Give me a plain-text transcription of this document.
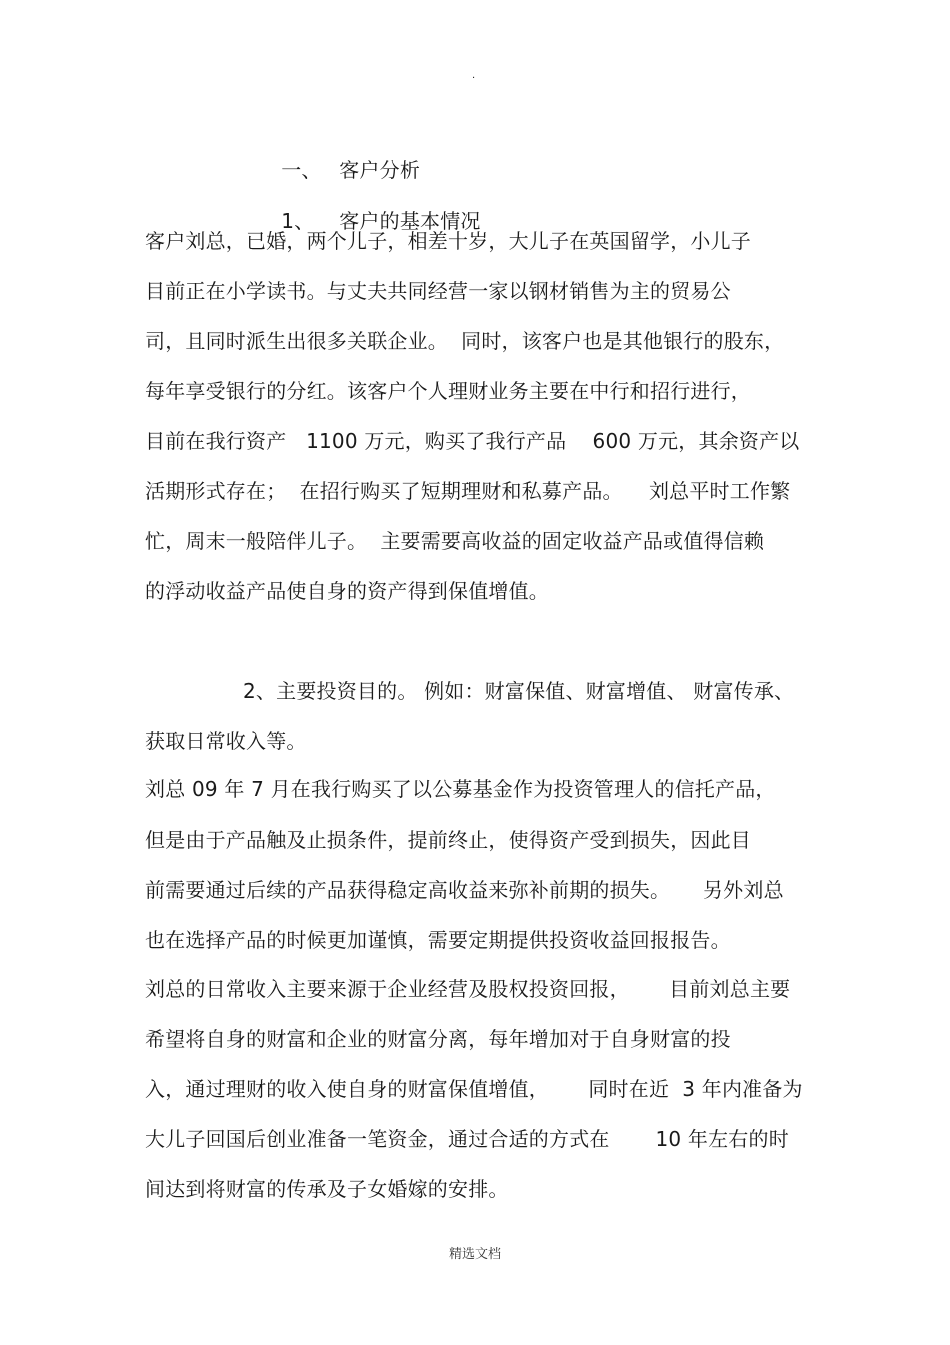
.

一、 客户分析

1、 客户的基本情况

客户刘总，已婚，两个儿子，相差十岁，大儿子在英国留学，小儿子
目前正在小学读书。与丈夫共同经营一家以钢材销售为主的贸易公
司，且同时派生出很多关联企业。  同时，该客户也是其他银行的股东，
每年享受银行的分红。该客户个人理财业务主要在中行和招行进行，
目前在我行资产   1100 万元，购买了我行产品    600 万元，其余资产以
活期形式存在；  在招行购买了短期理财和私募产品。    刘总平时工作繁
忙，周末一般陪伴儿子。  主要需要高收益的固定收益产品或值得信赖
的浮动收益产品使自身的资产得到保值增值。
2、主要投资目的。 例如：财富保值、财富增值、 财富传承、
获取日常收入等。
刘总 09 年 7 月在我行购买了以公募基金作为投资管理人的信托产品，
但是由于产品触及止损条件，提前终止，使得资产受到损失，因此目
前需要通过后续的产品获得稳定高收益来弥补前期的损失。     另外刘总
也在选择产品的时候更加谨慎，需要定期提供投资收益回报报告。
刘总的日常收入主要来源于企业经营及股权投资回报，      目前刘总主要
希望将自身的财富和企业的财富分离，每年增加对于自身财富的投
入，通过理财的收入使自身的财富保值增值，      同时在近  3 年内准备为
大儿子回国后创业准备一笔资金，通过合适的方式在       10 年左右的时
间达到将财富的传承及子女婚嫁的安排。
精选文档
